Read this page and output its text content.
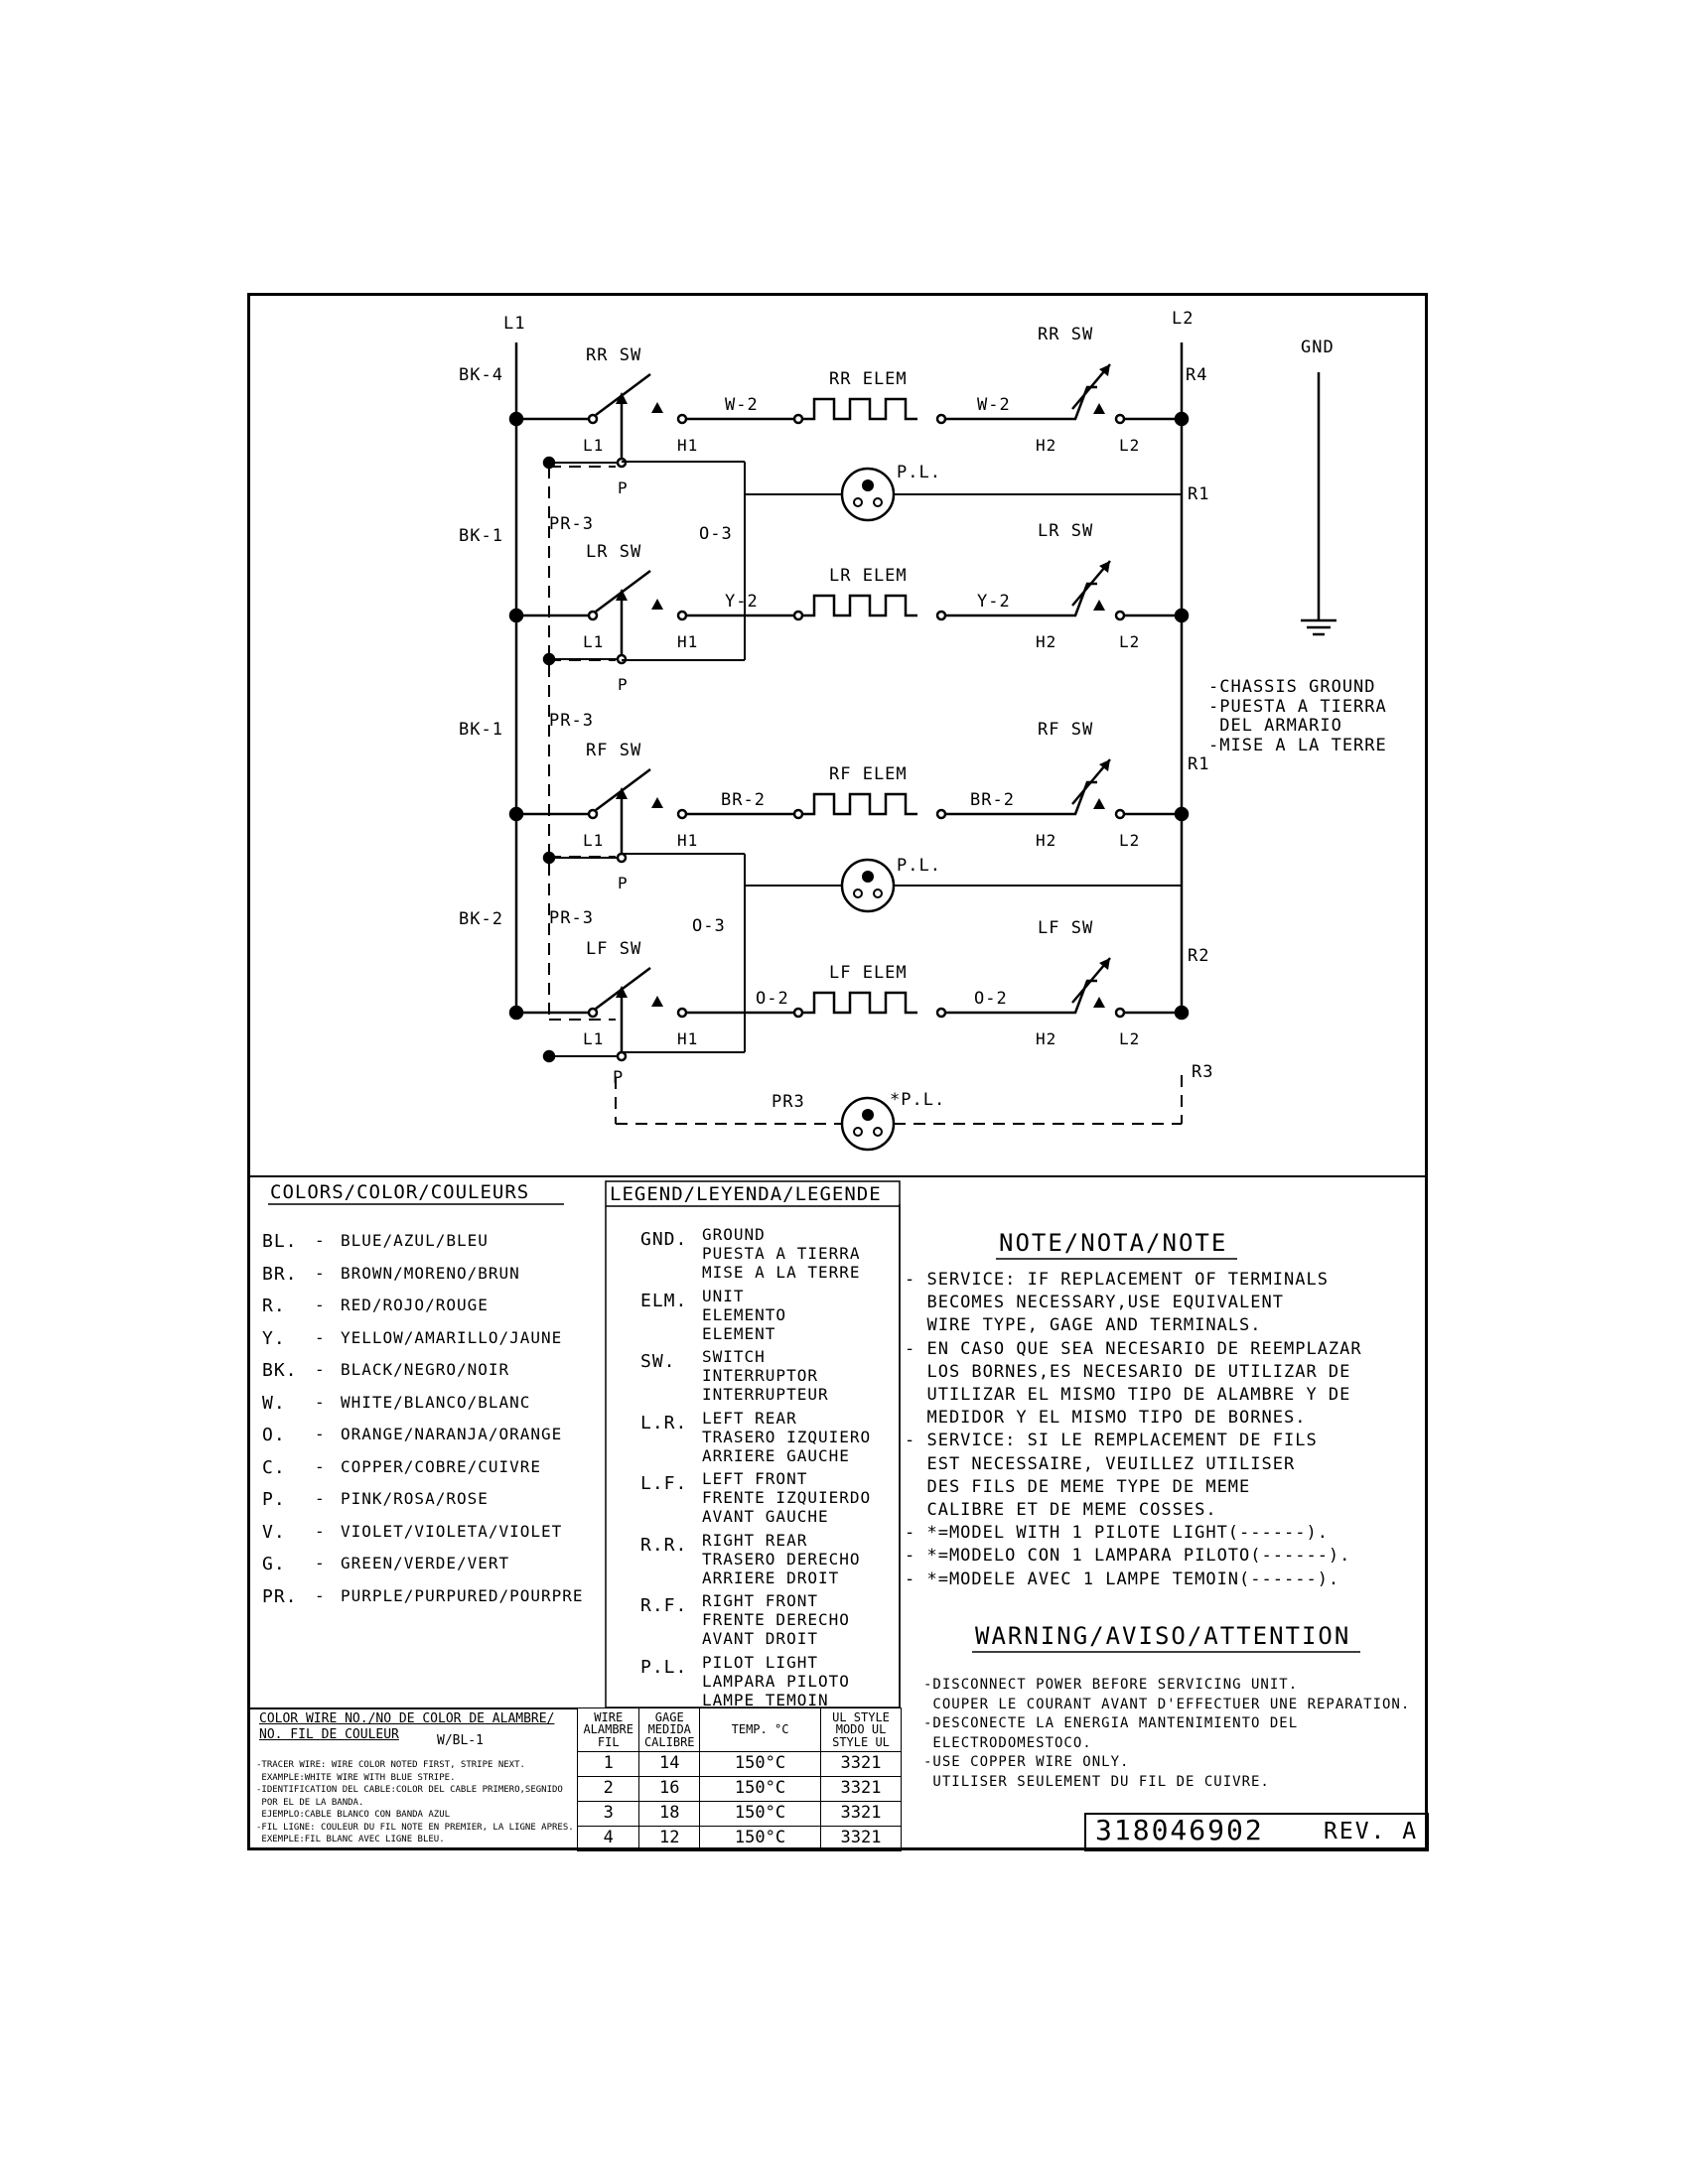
L1	L2
GND
BK-4
BK-1
BK-1
BK-2
R4
R1
R1
R2
R3
PR-3
PR-3
PR-3
O-3
O-3
PR3
P.L.
P.L.
*P.L.
P
-CHASSIS GROUND
-PUESTA A TIERRA
DEL ARMARIO
-MISE A LA TERRE
RR SW
RR ELEM
W-2	W-2
RR SW
L1	H1	H2	L2
P
LR SW
LR ELEM
Y-2	Y-2
LR SW
L1	H1	H2	L2
P
RF SW
RF ELEM
BR-2	BR-2
RF SW
L1	H1	H2	L2
P
LF SW
LF ELEM
O-2	O-2
LF SW
L1	H1	H2	L2
COLORS/COLOR/COULEURS
BL. - BLUE/AZUL/BLEU
BR. - BROWN/MORENO/BRUN
R. - RED/ROJO/ROUGE
Y. - YELLOW/AMARILLO/JAUNE
BK. - BLACK/NEGRO/NOIR
W. - WHITE/BLANCO/BLANC
O. - ORANGE/NARANJA/ORANGE
C. - COPPER/COBRE/CUIVRE
P. - PINK/ROSA/ROSE
V. - VIOLET/VIOLETA/VIOLET
G. - GREEN/VERDE/VERT
PR. - PURPLE/PURPURED/POURPRE
LEGEND/LEYENDA/LEGENDE
GND. GROUND
PUESTA A TIERRA
MISE A LA TERRE
ELM. UNIT
ELEMENTO
ELEMENT
SW. SWITCH
INTERRUPTOR
INTERRUPTEUR
L.R. LEFT REAR
TRASERO IZQUIERO
ARRIERE GAUCHE
L.F. LEFT FRONT
FRENTE IZQUIERDO
AVANT GAUCHE
R.R. RIGHT REAR
TRASERO DERECHO
ARRIERE DROIT
R.F. RIGHT FRONT
FRENTE DERECHO
AVANT DROIT
P.L. PILOT LIGHT
LAMPARA PILOTO
LAMPE TEMOIN
COLOR WIRE NO./NO DE COLOR DE ALAMBRE/
NO. FIL DE COULEUR	W/BL-1
-TRACER WIRE: WIRE COLOR NOTED FIRST, STRIPE NEXT.
EXAMPLE:WHITE WIRE WITH BLUE STRIPE.
-IDENTIFICATION DEL CABLE:COLOR DEL CABLE PRIMERO,SEGNIDO
POR EL DE LA BANDA.
EJEMPLO:CABLE BLANCO CON BANDA AZUL
-FIL LIGNE: COULEUR DU FIL NOTE EN PREMIER, LA LIGNE APRES.
EXEMPLE:FIL BLANC AVEC LIGNE BLEU.
WIRE
ALAMBRE
FIL	GAGE
MEDIDA
CALIBRE	TEMP. °C	UL STYLE
MODO UL
STYLE UL
1	14	150°C	3321
2	16	150°C	3321
3	18	150°C	3321
4	12	150°C	3321
NOTE/NOTA/NOTE
- SERVICE: IF REPLACEMENT OF TERMINALS
BECOMES NECESSARY,USE EQUIVALENT
WIRE TYPE, GAGE AND TERMINALS.
- EN CASO QUE SEA NECESARIO DE REEMPLAZAR
LOS BORNES,ES NECESARIO DE UTILIZAR DE
UTILIZAR EL MISMO TIPO DE ALAMBRE Y DE
MEDIDOR Y EL MISMO TIPO DE BORNES.
- SERVICE: SI LE REMPLACEMENT DE FILS
EST NECESSAIRE, VEUILLEZ UTILISER
DES FILS DE MEME TYPE DE MEME
CALIBRE ET DE MEME COSSES.
- *=MODEL WITH 1 PILOTE LIGHT(------).
- *=MODELO CON 1 LAMPARA PILOTO(------).
- *=MODELE AVEC 1 LAMPE TEMOIN(------).
WARNING/AVISO/ATTENTION
-DISCONNECT POWER BEFORE SERVICING UNIT.
COUPER LE COURANT AVANT D'EFFECTUER UNE REPARATION.
-DESCONECTE LA ENERGIA MANTENIMIENTO DEL
ELECTRODOMESTOCO.
-USE COPPER WIRE ONLY.
UTILISER SEULEMENT DU FIL DE CUIVRE.
318046902	REV. A
